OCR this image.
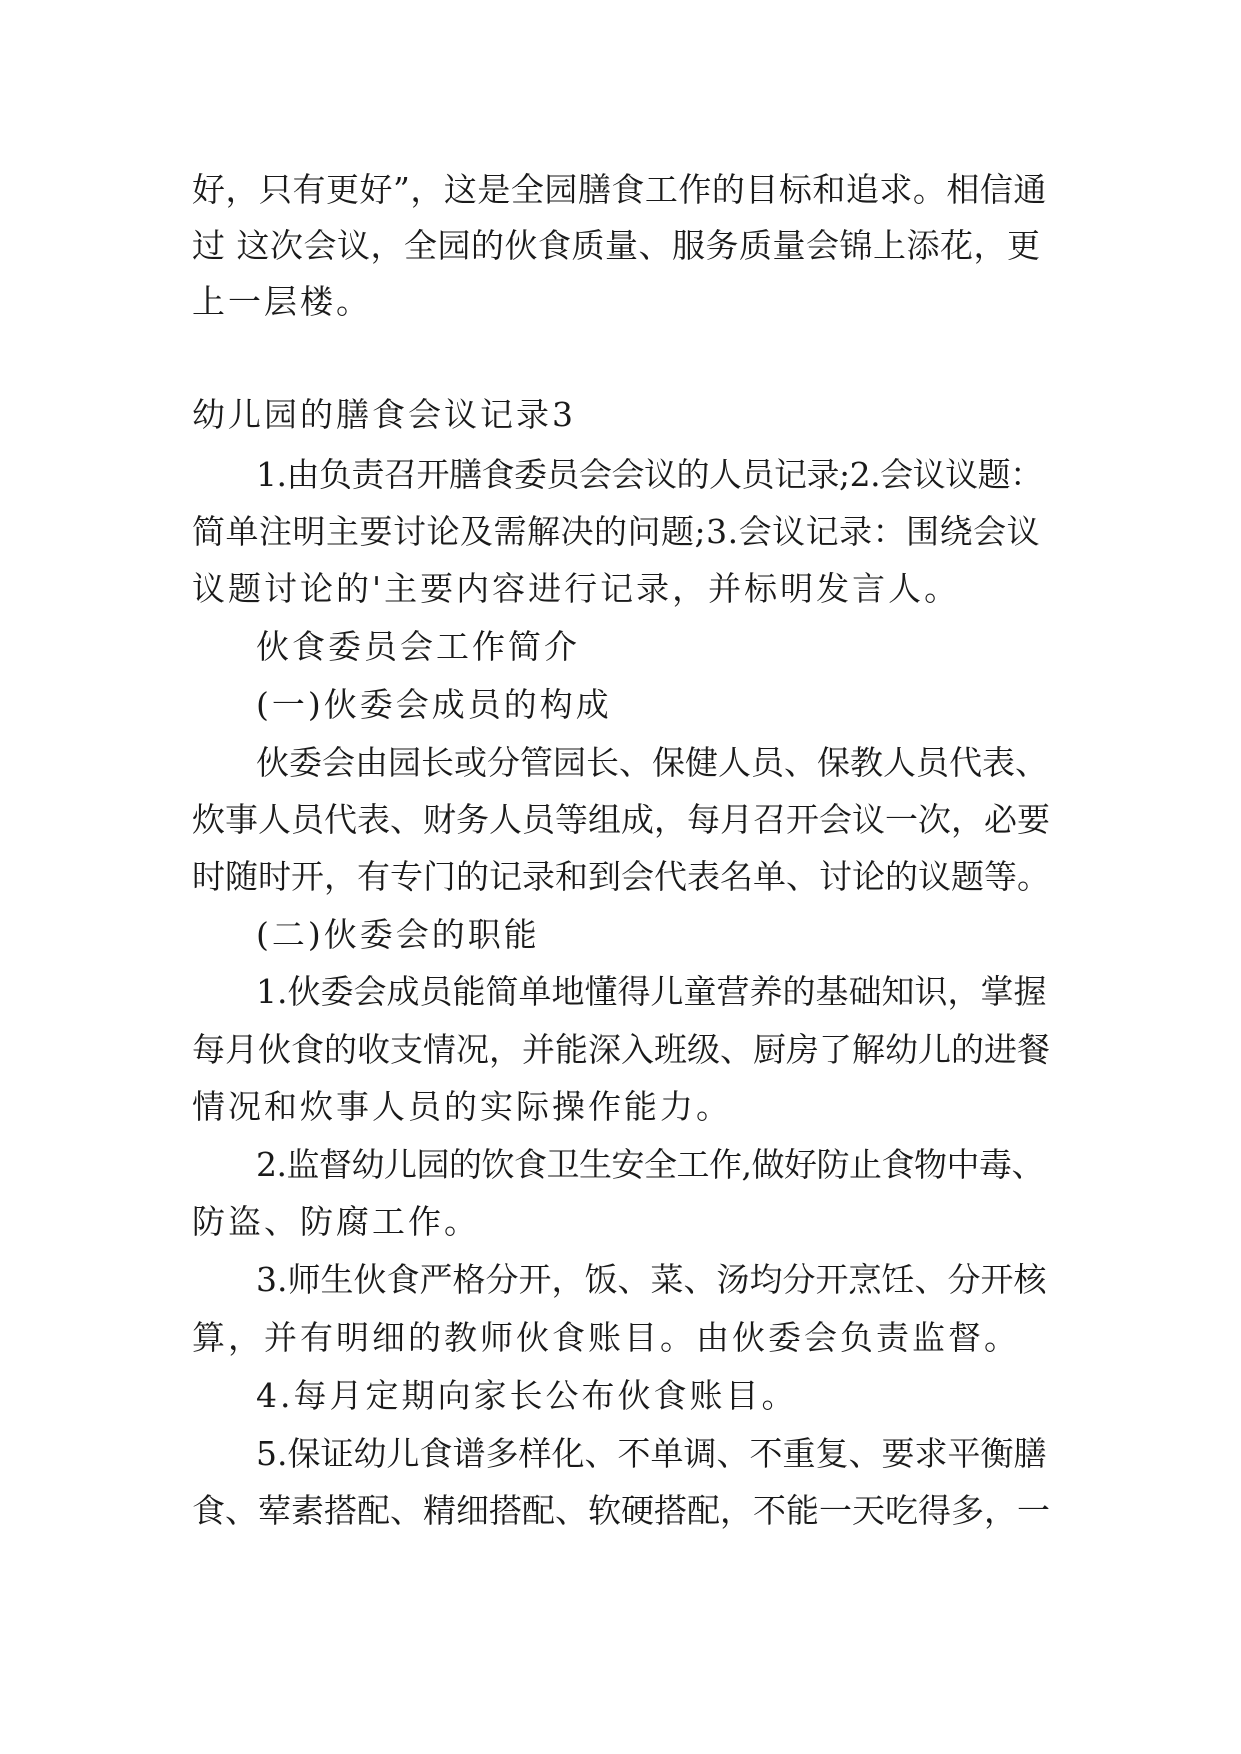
好，只有更好”，这是全园膳食工作的目标和追求。相信通

过 这次会议，全园的伙食质量、服务质量会锦上添花，更

上一层楼。

幼儿园的膳食会议记录3

1.由负责召开膳食委员会会议的人员记录;2.会议议题：

简单注明主要讨论及需解决的问题;3.会议记录：围绕会议

议题讨论的'主要内容进行记录，并标明发言人。

伙食委员会工作简介

(一)伙委会成员的构成

伙委会由园长或分管园长、保健人员、保教人员代表、

炊事人员代表、财务人员等组成，每月召开会议一次，必要

时随时开，有专门的记录和到会代表名单、讨论的议题等。

(二)伙委会的职能

1.伙委会成员能简单地懂得儿童营养的基础知识，掌握

每月伙食的收支情况，并能深入班级、厨房了解幼儿的进餐

情况和炊事人员的实际操作能力。

2.监督幼儿园的饮食卫生安全工作,做好防止食物中毒、

防盗、防腐工作。

3.师生伙食严格分开，饭、菜、汤均分开烹饪、分开核

算，并有明细的教师伙食账目。由伙委会负责监督。

4.每月定期向家长公布伙食账目。

5.保证幼儿食谱多样化、不单调、不重复、要求平衡膳

食、荤素搭配、精细搭配、软硬搭配，不能一天吃得多，一
